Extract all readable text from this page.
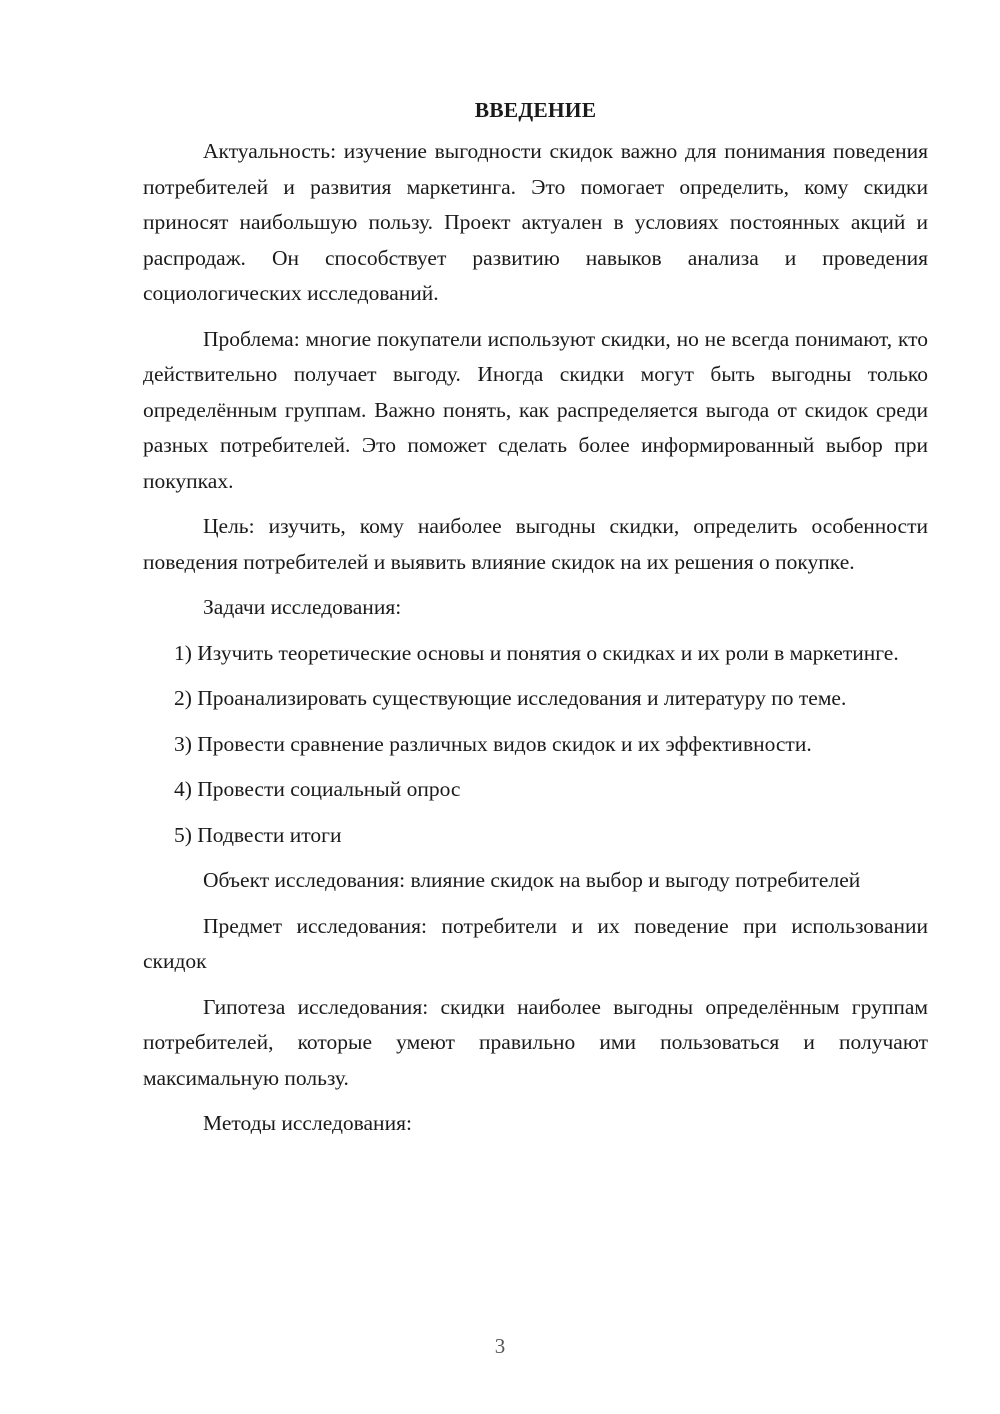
ВВЕДЕНИЕ

Актуальность: изучение выгодности скидок важно для понимания поведения потребителей и развития маркетинга. Это помогает определить, кому скидки приносят наибольшую пользу. Проект актуален в условиях постоянных акций и распродаж. Он способствует развитию навыков анализа и проведения социологических исследований.

Проблема: многие покупатели используют скидки, но не всегда понимают, кто действительно получает выгоду. Иногда скидки могут быть выгодны только определённым группам. Важно понять, как распределяется выгода от скидок среди разных потребителей. Это поможет сделать более информированный выбор при покупках.

Цель: изучить, кому наиболее выгодны скидки, определить особенности поведения потребителей и выявить влияние скидок на их решения о покупке.

Задачи исследования:

1) Изучить теоретические основы и понятия о скидках и их роли в маркетинге.

2) Проанализировать существующие исследования и литературу по теме.

3) Провести сравнение различных видов скидок и их эффективности.

4) Провести социальный опрос

5) Подвести итоги

Объект исследования: влияние скидок на выбор и выгоду потребителей

Предмет исследования: потребители и их поведение при использовании скидок

Гипотеза исследования: скидки наиболее выгодны определённым группам потребителей, которые умеют правильно ими пользоваться и получают максимальную пользу.

Методы исследования:

3
